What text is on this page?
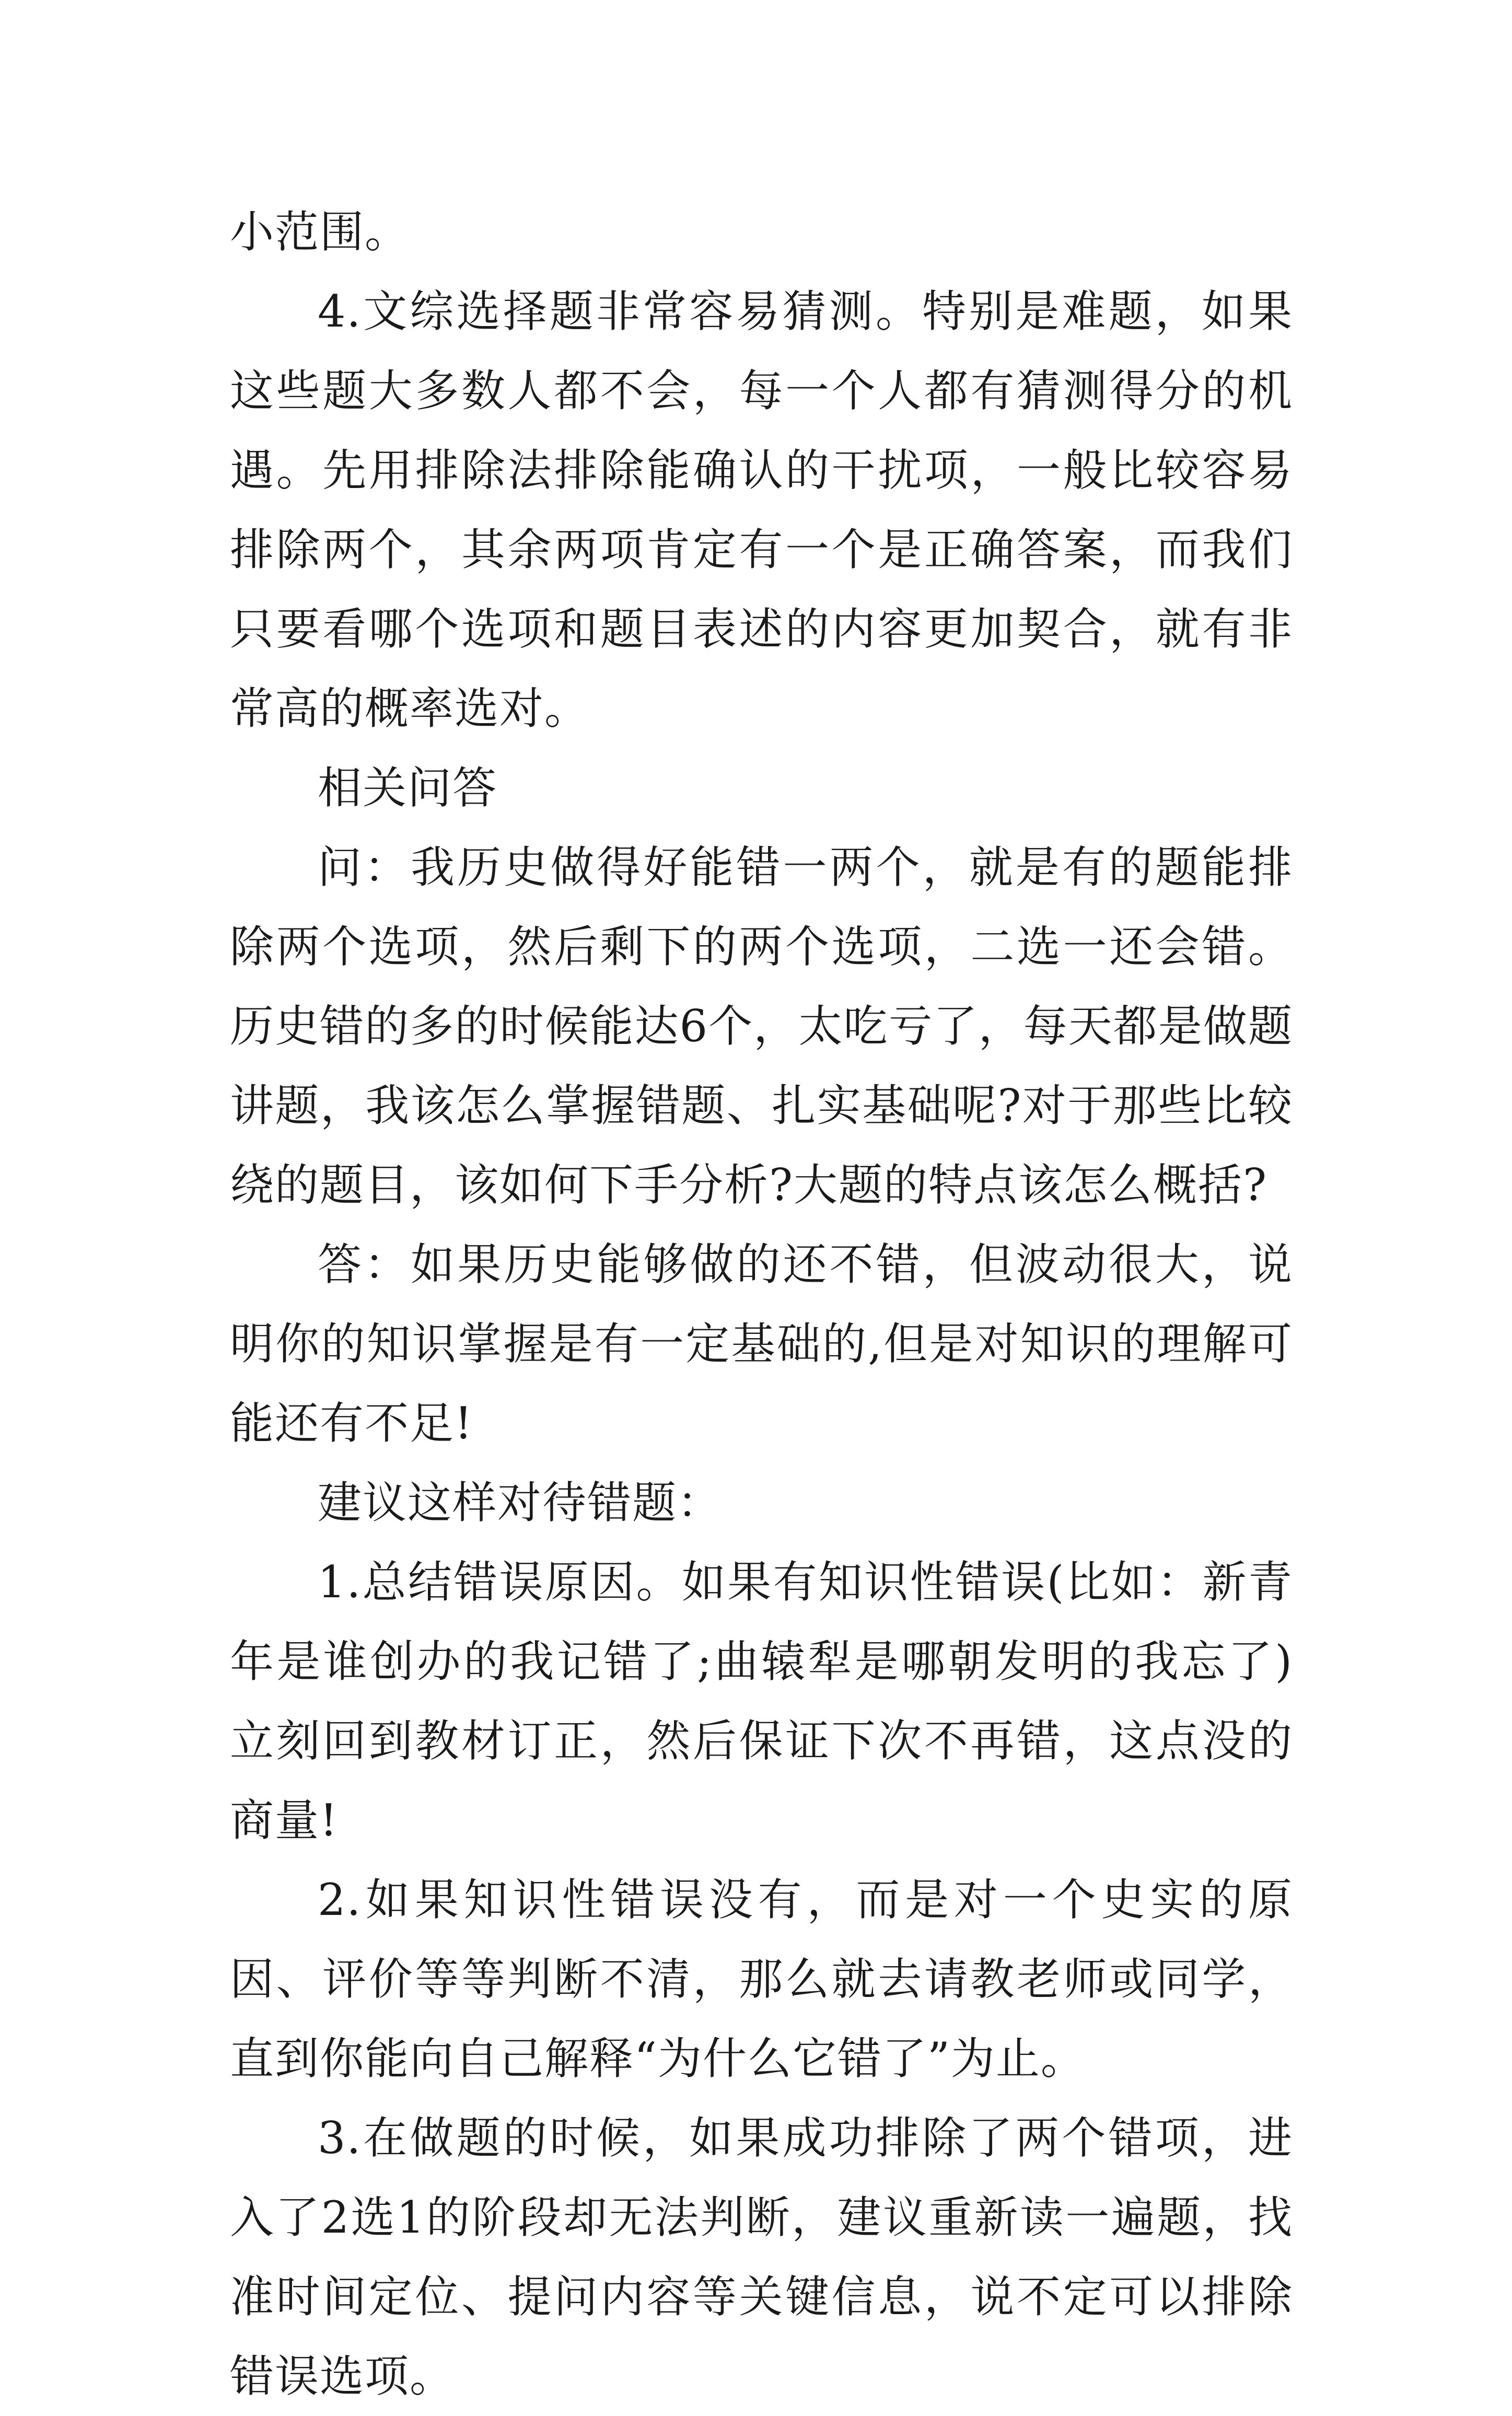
小范围。

4.文综选择题非常容易猜测。特别是难题，如果这些题大多数人都不会，每一个人都有猜测得分的机遇。先用排除法排除能确认的干扰项，一般比较容易排除两个，其余两项肯定有一个是正确答案，而我们只要看哪个选项和题目表述的内容更加契合，就有非常高的概率选对。

相关问答

问：我历史做得好能错一两个，就是有的题能排除两个选项，然后剩下的两个选项，二选一还会错。历史错的多的时候能达6个，太吃亏了，每天都是做题讲题，我该怎么掌握错题、扎实基础呢?对于那些比较绕的题目，该如何下手分析?大题的特点该怎么概括?

答：如果历史能够做的还不错，但波动很大，说明你的知识掌握是有一定基础的,但是对知识的理解可能还有不足!

建议这样对待错题：

1.总结错误原因。如果有知识性错误(比如：新青年是谁创办的我记错了;曲辕犁是哪朝发明的我忘了)立刻回到教材订正，然后保证下次不再错，这点没的商量!

2.如果知识性错误没有，而是对一个史实的原因、评价等等判断不清，那么就去请教老师或同学，直到你能向自己解释“为什么它错了”为止。

3.在做题的时候，如果成功排除了两个错项，进入了2选1的阶段却无法判断，建议重新读一遍题，找准时间定位、提问内容等关键信息，说不定可以排除错误选项。
